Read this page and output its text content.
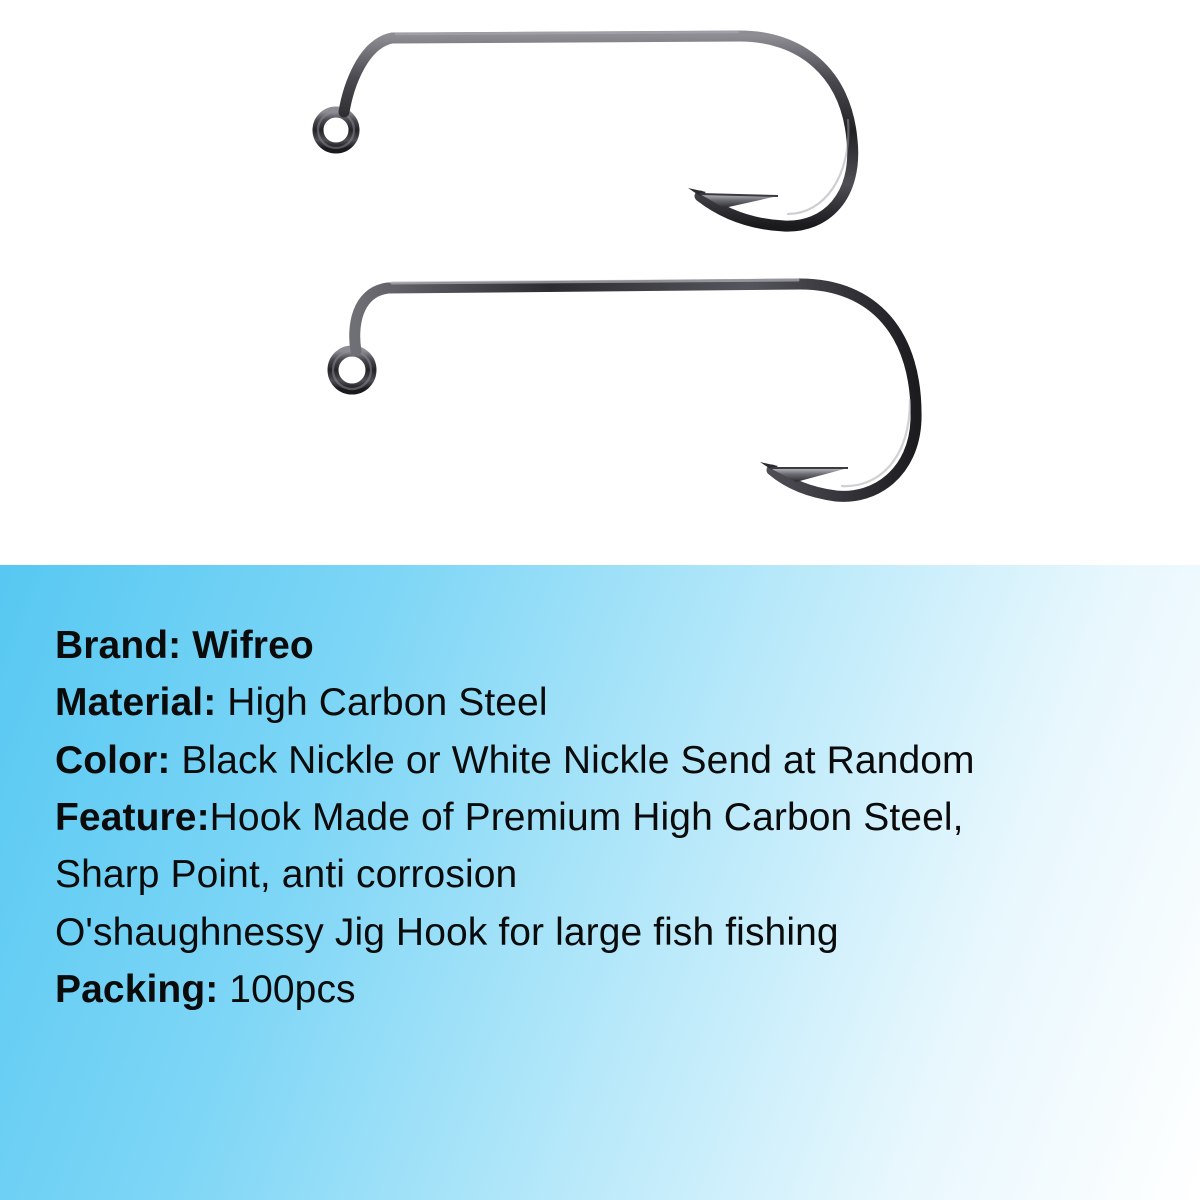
Brand: Wifreo
Material: High Carbon Steel
Color: Black Nickle or White Nickle Send at Random
Feature:Hook Made of Premium High Carbon Steel,
Sharp Point, anti corrosion
O'shaughnessy Jig Hook for large fish fishing
Packing: 100pcs
